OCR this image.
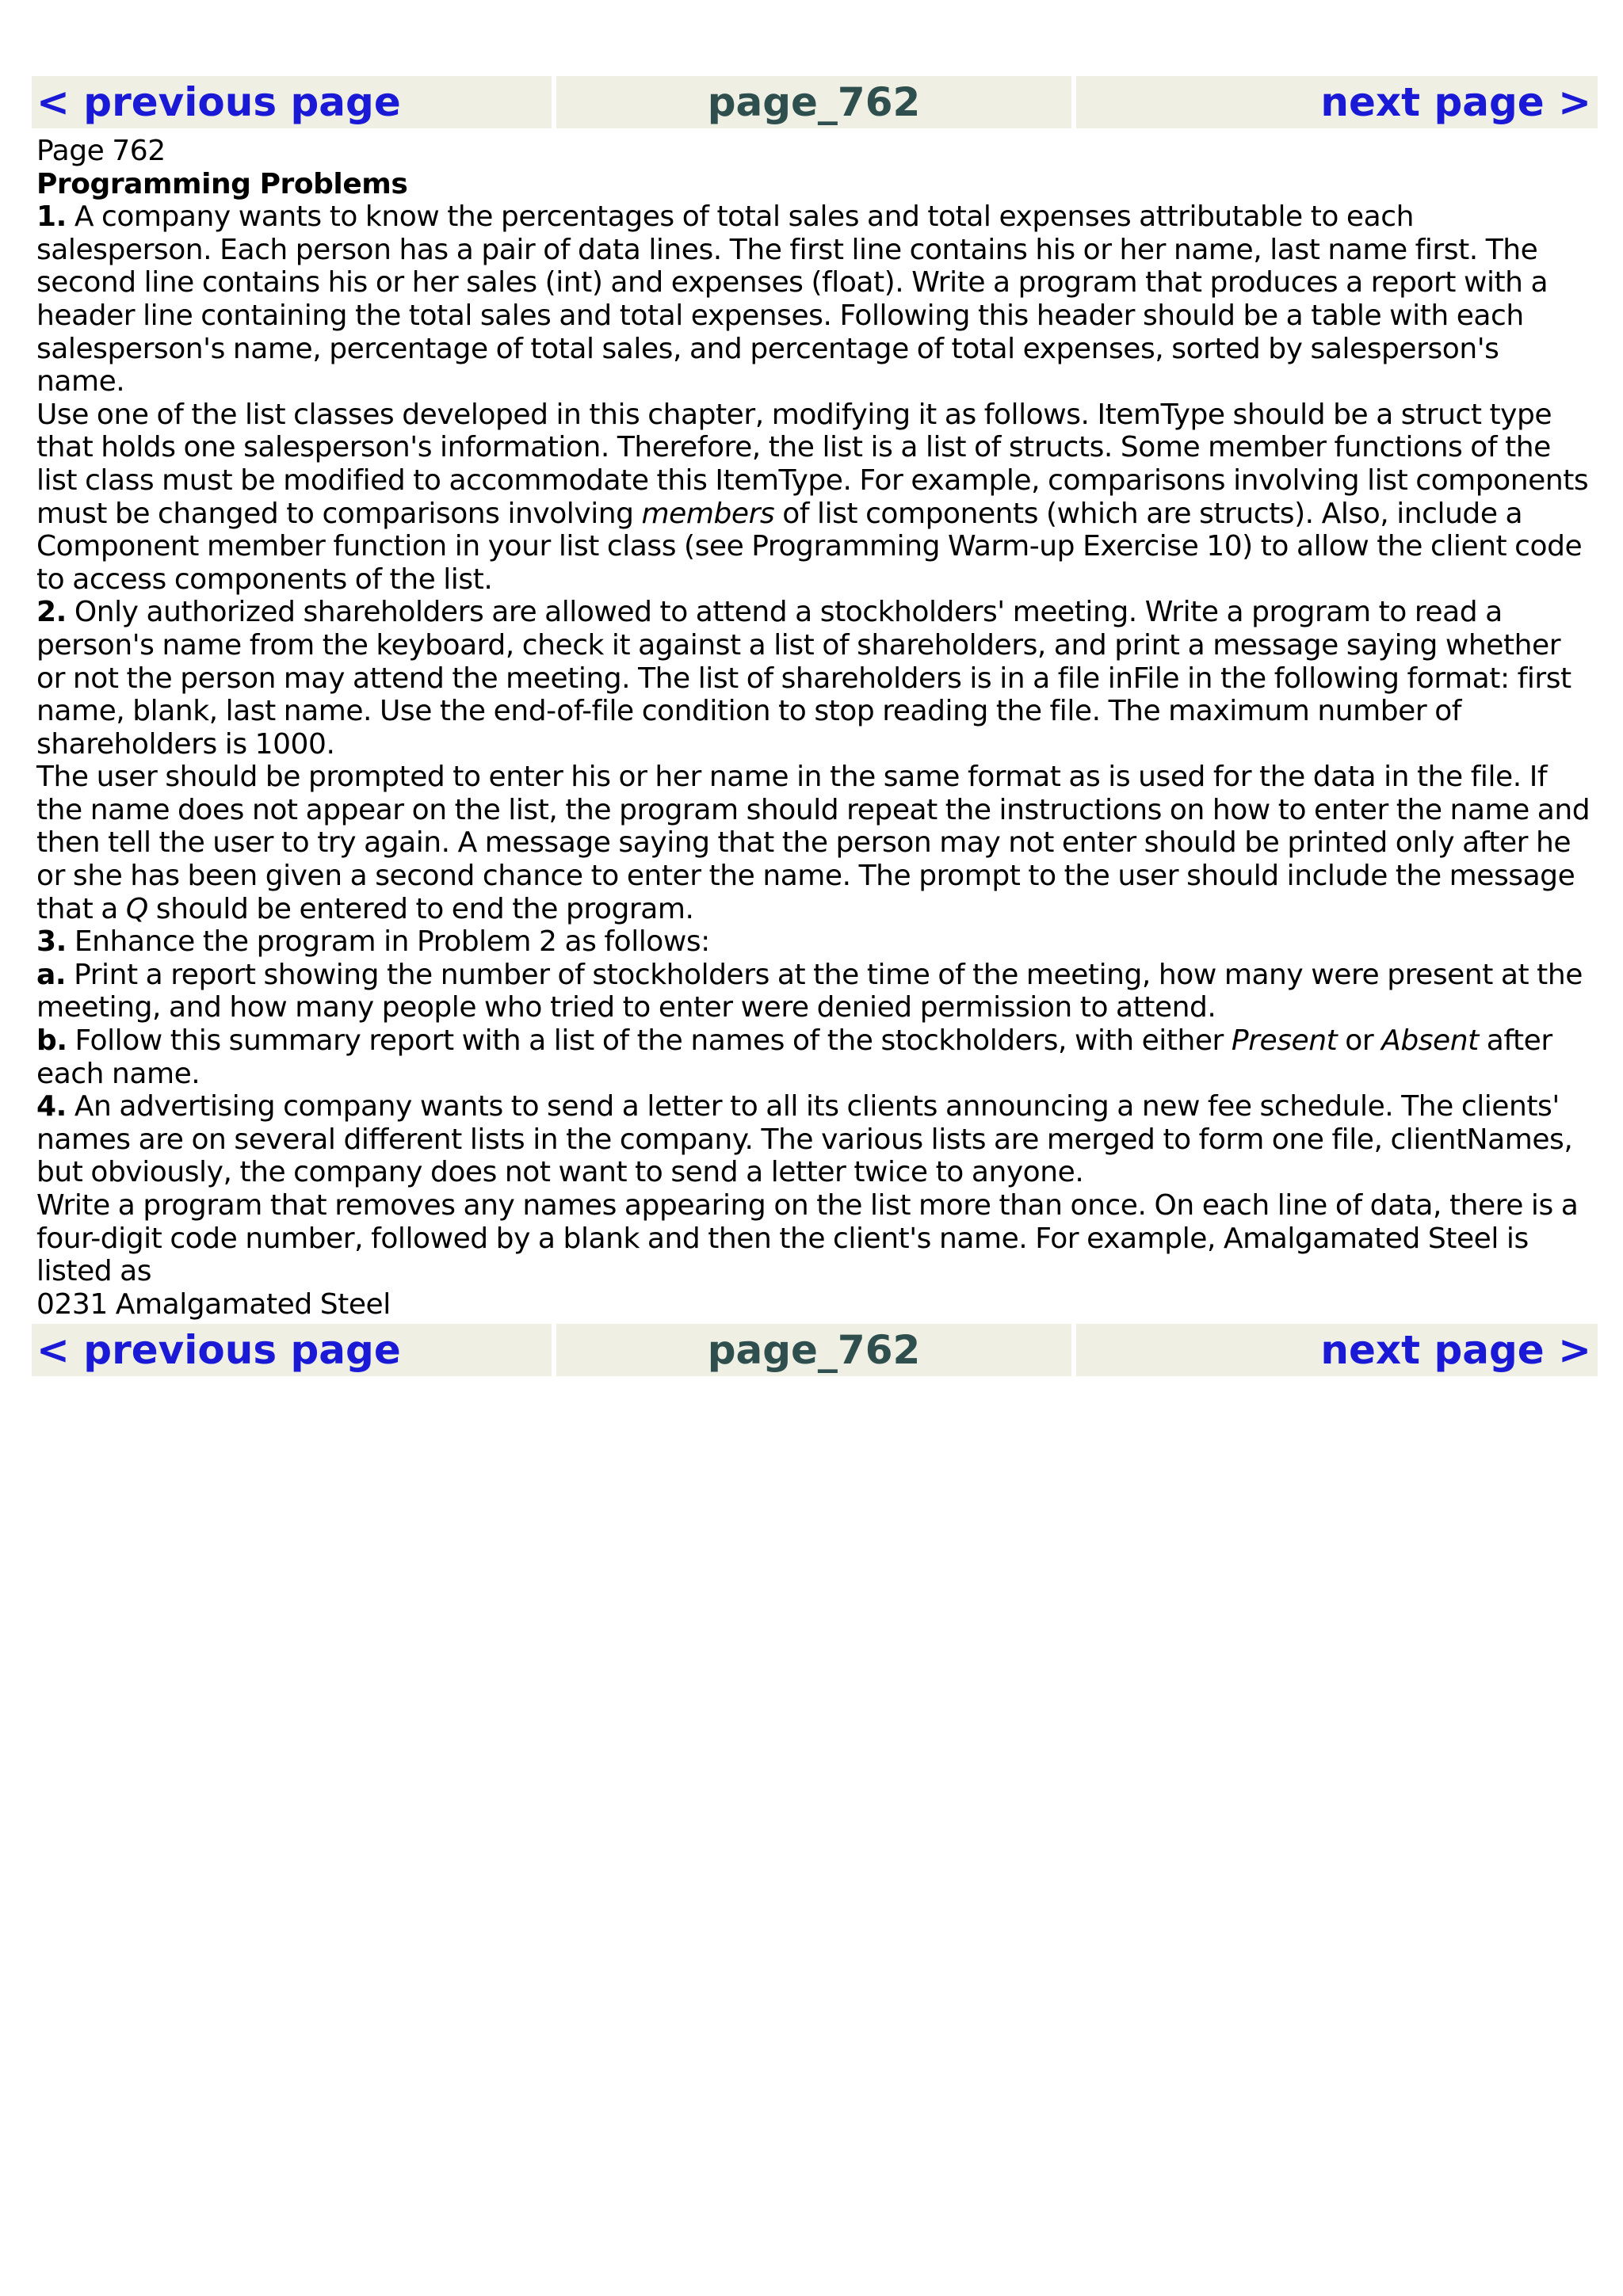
< previous page	page_762	next page >

Page 762

Programming Problems

1. A company wants to know the percentages of total sales and total expenses attributable to each salesperson. Each person has a pair of data lines. The first line contains his or her name, last name first. The second line contains his or her sales (int) and expenses (float). Write a program that produces a report with a header line containing the total sales and total expenses. Following this header should be a table with each salesperson's name, percentage of total sales, and percentage of total expenses, sorted by salesperson's name.

Use one of the list classes developed in this chapter, modifying it as follows. ItemType should be a struct type that holds one salesperson's information. Therefore, the list is a list of structs. Some member functions of the list class must be modified to accommodate this ItemType. For example, comparisons involving list components must be changed to comparisons involving members of list components (which are structs). Also, include a Component member function in your list class (see Programming Warm-up Exercise 10) to allow the client code to access components of the list.

2. Only authorized shareholders are allowed to attend a stockholders' meeting. Write a program to read a person's name from the keyboard, check it against a list of shareholders, and print a message saying whether or not the person may attend the meeting. The list of shareholders is in a file inFile in the following format: first name, blank, last name. Use the end-of-file condition to stop reading the file. The maximum number of shareholders is 1000.

The user should be prompted to enter his or her name in the same format as is used for the data in the file. If the name does not appear on the list, the program should repeat the instructions on how to enter the name and then tell the user to try again. A message saying that the person may not enter should be printed only after he or she has been given a second chance to enter the name. The prompt to the user should include the message that a Q should be entered to end the program.

3. Enhance the program in Problem 2 as follows:

a. Print a report showing the number of stockholders at the time of the meeting, how many were present at the meeting, and how many people who tried to enter were denied permission to attend.

b. Follow this summary report with a list of the names of the stockholders, with either Present or Absent after each name.

4. An advertising company wants to send a letter to all its clients announcing a new fee schedule. The clients' names are on several different lists in the company. The various lists are merged to form one file, clientNames, but obviously, the company does not want to send a letter twice to anyone.

Write a program that removes any names appearing on the list more than once. On each line of data, there is a four-digit code number, followed by a blank and then the client's name. For example, Amalgamated Steel is listed as

0231 Amalgamated Steel

< previous page	page_762	next page >
